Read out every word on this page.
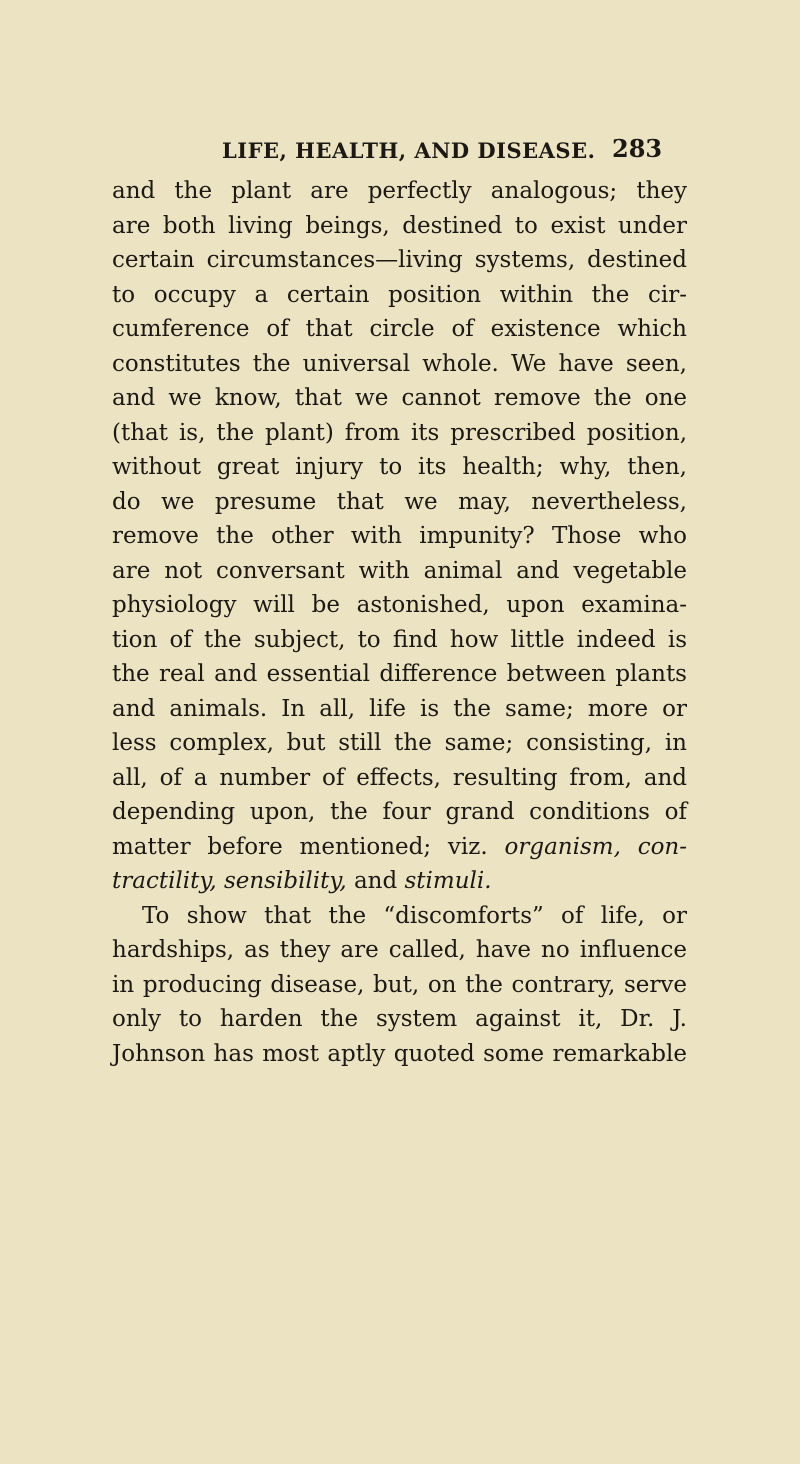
LIFE, HEALTH, AND DISEASE. 283
and the plant are perfectly analogous; they
are both living beings, destined to exist under
certain circumstances—living systems, destined
to occupy a certain position within the cir-
cumference of that circle of existence which
constitutes the universal whole. We have seen,
and we know, that we cannot remove the one
(that is, the plant) from its prescribed position,
without great injury to its health; why, then,
do we presume that we may, nevertheless,
remove the other with impunity? Those who
are not conversant with animal and vegetable
physiology will be astonished, upon examina-
tion of the subject, to find how little indeed is
the real and essential difference between plants
and animals. In all, life is the same; more or
less complex, but still the same; consisting, in
all, of a number of effects, resulting from, and
depending upon, the four grand conditions of
matter before mentioned; viz. organism, con-
tractility, sensibility, and stimuli.
To show that the “discomforts” of life, or
hardships, as they are called, have no influence
in producing disease, but, on the contrary, serve
only to harden the system against it, Dr. J.
Johnson has most aptly quoted some remarkable
